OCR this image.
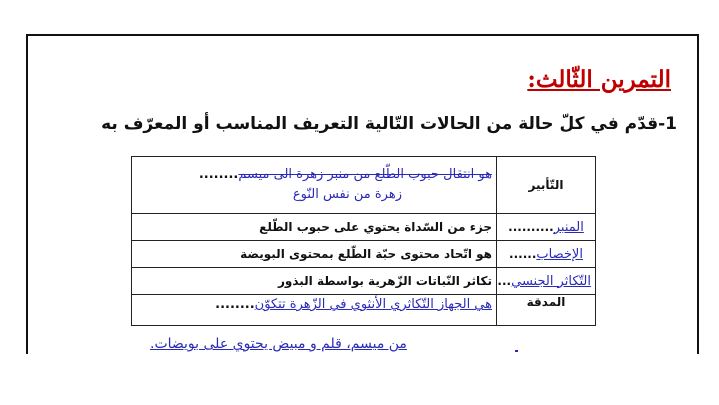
التمرين الثّالث:
1-قدّم في كلّ حالة من الحالات التّالية التعريف المناسب أو المعرّف به
التّأبير	هو انتقال حبوب الطّلع من منبر زهرة الى ميسم........
زهرة من نفس النّوع

المنبر..........	جزء من السّداة يحتوي على حبوب الطّلع
الإخصاب......	هو اتّحاد محتوى حبّة الطّلع بمحتوى البويضة
التّكاثر الجنسي...	تكاثر النّباتات الزّهرية بواسطة البذور
المدقة	هي الجهاز التّكاثري الأنثوي في الزّهرة تتكوّن........
من ميسم، قلم و مبيض يحتوي على بويضات.
